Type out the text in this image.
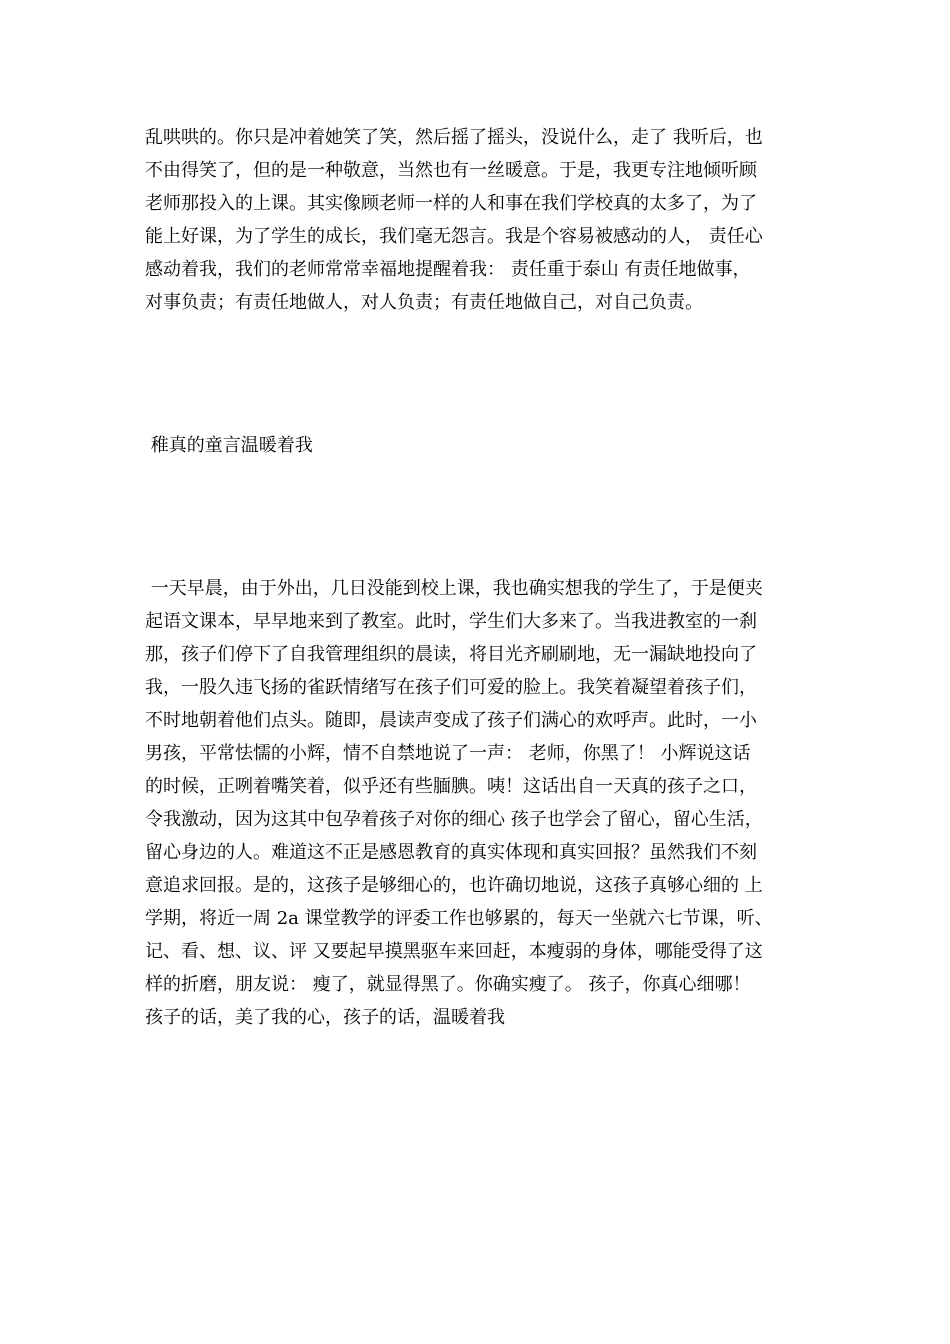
乱哄哄的。你只是冲着她笑了笑，然后摇了摇头，没说什么，走了 我听后，也
不由得笑了，但的是一种敬意，当然也有一丝暖意。于是，我更专注地倾听顾
老师那投入的上课。其实像顾老师一样的人和事在我们学校真的太多了，为了
能上好课，为了学生的成长，我们毫无怨言。我是个容易被感动的人， 责任心
感动着我，我们的老师常常幸福地提醒着我： 责任重于泰山 有责任地做事，
对事负责；有责任地做人，对人负责；有责任地做自己，对自己负责。
稚真的童言温暖着我
一天早晨，由于外出，几日没能到校上课，我也确实想我的学生了，于是便夹
起语文课本，早早地来到了教室。此时，学生们大多来了。当我进教室的一刹
那，孩子们停下了自我管理组织的晨读，将目光齐刷刷地，无一漏缺地投向了
我，一股久违飞扬的雀跃情绪写在孩子们可爱的脸上。我笑着凝望着孩子们，
不时地朝着他们点头。随即，晨读声变成了孩子们满心的欢呼声。此时，一小
男孩，平常怯懦的小辉，情不自禁地说了一声： 老师，你黑了！ 小辉说这话
的时候，正咧着嘴笑着，似乎还有些腼腆。咦！这话出自一天真的孩子之口，
令我激动，因为这其中包孕着孩子对你的细心 孩子也学会了留心，留心生活，
留心身边的人。难道这不正是感恩教育的真实体现和真实回报？虽然我们不刻
意追求回报。是的，这孩子是够细心的，也许确切地说，这孩子真够心细的 上
学期，将近一周 2a 课堂教学的评委工作也够累的，每天一坐就六七节课，听、
记、看、想、议、评 又要起早摸黑驱车来回赶，本瘦弱的身体，哪能受得了这
样的折磨，朋友说： 瘦了，就显得黑了。你确实瘦了。 孩子，你真心细哪！
孩子的话，美了我的心，孩子的话，温暖着我
